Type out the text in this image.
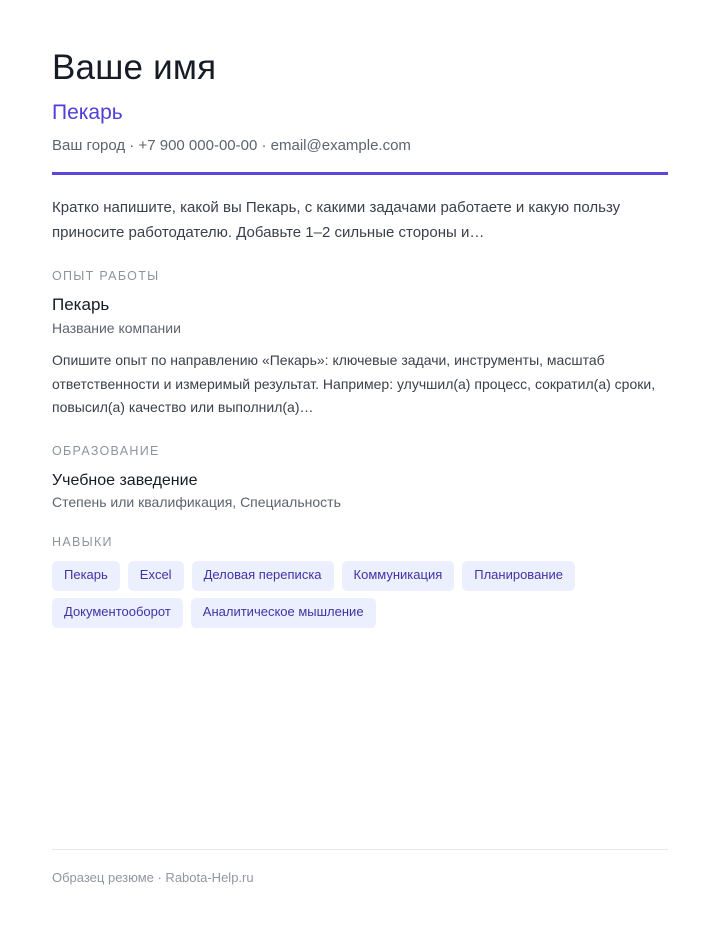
Ваше имя
Пекарь
Ваш город · +7 900 000-00-00 · email@example.com
Кратко напишите, какой вы Пекарь, с какими задачами работаете и какую пользу приносите работодателю. Добавьте 1–2 сильные стороны и…
ОПЫТ РАБОТЫ
Пекарь
Название компании
Опишите опыт по направлению «Пекарь»: ключевые задачи, инструменты, масштаб ответственности и измеримый результат. Например: улучшил(а) процесс, сократил(а) сроки, повысил(а) качество или выполнил(а)…
ОБРАЗОВАНИЕ
Учебное заведение
Степень или квалификация, Специальность
НАВЫКИ
Пекарь	Excel	Деловая переписка	Коммуникация	Планирование
Документооборот	Аналитическое мышление
Образец резюме · Rabota-Help.ru
